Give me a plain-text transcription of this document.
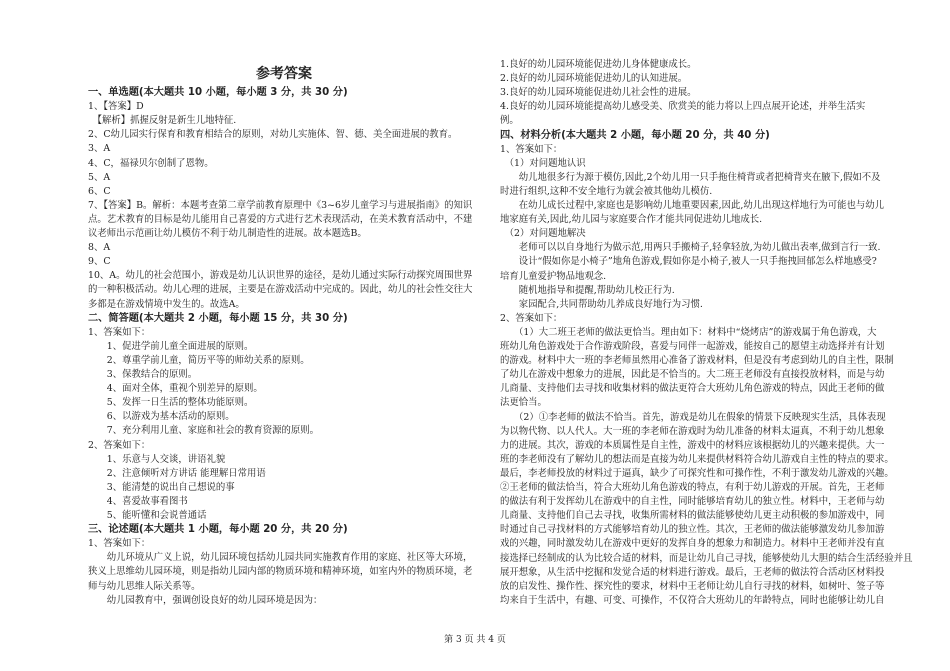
参考答案
一、单选题(本大题共 10 小题，每小题 3 分，共 30 分)
1、【答案】D
　【解析】抓握反射是新生儿地特征.
2、C幼儿园实行保育和教育相结合的原则，对幼儿实施体、智、德、美全面进展的教育。
3、A
4、C，福禄贝尔创制了恩物。
5、A
6、C
7、【答案】B。解析：本题考查第二章学前教育原理中《3~6岁儿童学习与进展指南》的知识
点。艺术教育的目标是幼儿能用自己喜爱的方式进行艺术表现活动，在美术教育活动中，不建
议老师出示范画让幼儿模仿不利于幼儿制造性的进展。故本题选B。
8、A
9、C
10、A。幼儿的社会范围小，游戏是幼儿认识世界的途径，是幼儿通过实际行动探究周围世界
的一种积极活动。幼儿心理的进展，主要是在游戏活动中完成的。因此，幼儿的社会性交往大
多都是在游戏情境中发生的。故选A。
二、简答题(本大题共 2 小题，每小题 15 分，共 30 分)
1、答案如下：
　　1、促进学前儿童全面进展的原则。
　　2、尊重学前儿童，简历平等的师幼关系的原则。
　　3、保教结合的原则。
　　4、面对全体，重视个别差异的原则。
　　5、发挥一日生活的整体功能原则。
　　6、以游戏为基本活动的原则。
　　7、充分利用儿童、家庭和社会的教育资源的原则。
2、答案如下：
　　1、乐意与人交谈，讲语礼貌
　　2、注意倾听对方讲话 能理解日常用语
　　3、能清楚的说出自己想说的事
　　4、喜爱故事看图书
　　5、能听懂和会说普通话
三、论述题(本大题共 1 小题，每小题 20 分，共 20 分)
1、答案如下：
　　幼儿环境从广义上说，幼儿园环境包括幼儿园共同实施教育作用的家庭、社区等大环境，
狭义上思维幼儿园环境，则是指幼儿园内部的物质环境和精神环境，如室内外的物质环境，老
师与幼儿思维人际关系等。
　　幼儿园教育中，强调创设良好的幼儿园环境是因为：
1.良好的幼儿园环境能促进幼儿身体健康成长。
2.良好的幼儿园环境能促进幼儿的认知进展。
3.良好的幼儿园环境能促进幼儿社会性的进展。
4.良好的幼儿园环境能提高幼儿感受美、欣赏美的能力将以上四点展开论述，并举生活实
例。
四、材料分析(本大题共 2 小题，每小题 20 分，共 40 分)
1、答案如下：
　（1）对问题地认识
　　幼儿地很多行为源于模仿,因此,2个幼儿用一只手拖住椅背或者把椅背夹在腋下,假如不及
时进行组织,这种不安全地行为就会被其他幼儿模仿.
　　在幼儿成长过程中,家庭也是影响幼儿地重要因素,因此,幼儿出现这样地行为可能也与幼儿
地家庭有关,因此,幼儿园与家庭要合作才能共同促进幼儿地成长.
　（2）对问题地解决
　　老师可以以自身地行为做示范,用两只手搬椅子,轻拿轻放,为幼儿做出表率,做到言行一致.
　　设计“假如你是小椅子”地角色游戏,假如你是小椅子,被人一只手拖拽回郁怎么样地感受?
培育儿童爱护物品地观念.
　　随机地指导和提醒,帮助幼儿校正行为.
　　家园配合,共同帮助幼儿养成良好地行为习惯.
2、答案如下：
　　（1）大二班王老师的做法更恰当。理由如下：材料中“烧烤店”的游戏属于角色游戏，大
班幼儿角色游戏处于合作游戏阶段，喜爱与同伴一起游戏，能按自己的愿望主动选择并有计划
的游戏。材料中大一班的李老师虽然用心准备了游戏材料，但是没有考虑到幼儿的自主性，限制
了幼儿在游戏中想象力的进展，因此是不恰当的。大二班王老师没有直接投放材料，而是与幼
儿商量、支持他们去寻找和收集材料的做法更符合大班幼儿角色游戏的特点，因此王老师的做
法更恰当。
　　（2）①李老师的做法不恰当。首先，游戏是幼儿在假象的情景下反映现实生活，具体表现
为以物代物、以人代人。大一班的李老师在游戏时为幼儿准备的材料太逼真，不利于幼儿想象
力的进展。其次，游戏的本质属性是自主性，游戏中的材料应该根据幼儿的兴趣来提供。大一
班的李老师没有了解幼儿的想法而是直接为幼儿来提供材料符合幼儿游戏自主性的特点的要求。
最后，李老师投放的材料过于逼真，缺少了可探究性和可操作性，不利于激发幼儿游戏的兴趣。
②王老师的做法恰当，符合大班幼儿角色游戏的特点，有利于幼儿游戏的开展。首先，王老师
的做法有利于发挥幼儿在游戏中的自主性，同时能够培育幼儿的独立性。材料中，王老师与幼
儿商量、支持他们自己去寻找，收集所需材料的做法能够使幼儿更主动积极的参加游戏中，同
时通过自己寻找材料的方式能够培育幼儿的独立性。其次，王老师的做法能够激发幼儿参加游
戏的兴趣，同时激发幼儿在游戏中更好的发挥自身的想象力和制造力。材料中王老师并没有直
接选择已经制成的认为比较合适的材料，而是让幼儿自己寻找，能够使幼儿大胆的结合生活经验并且
展开想象，从生活中挖掘和发觉合适的材料进行游戏。最后，王老师的做法符合活动区材料投
放的启发性、操作性、探究性的要求，材料中王老师让幼儿自行寻找的材料，如树叶、签子等
均来自于生活中，有趣、可变、可操作，不仅符合大班幼儿的年龄特点，同时也能够让幼儿自
第 3 页 共 4 页
